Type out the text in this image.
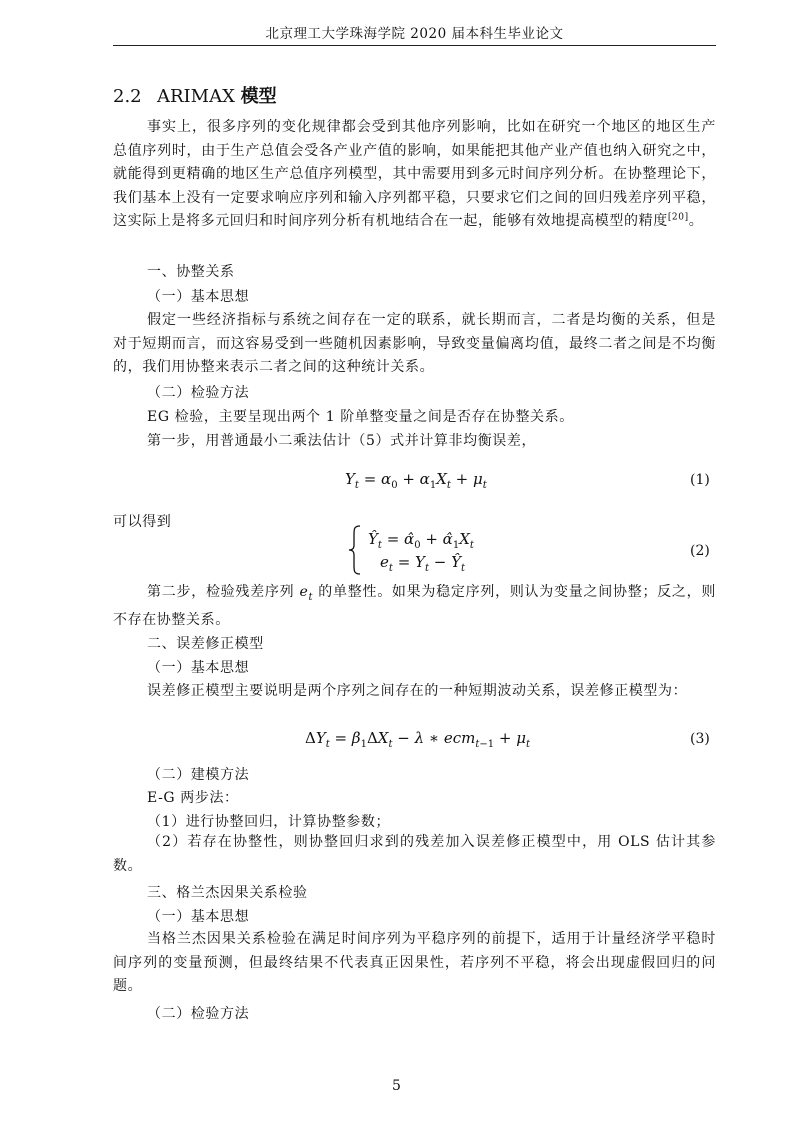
北京理工大学珠海学院 2020 届本科生毕业论文
2.2 ARIMAX 模型
事实上，很多序列的变化规律都会受到其他序列影响，比如在研究一个地区的地区生产总值序列时，由于生产总值会受各产业产值的影响，如果能把其他产业产值也纳入研究之中，就能得到更精确的地区生产总值序列模型，其中需要用到多元时间序列分析。在协整理论下，我们基本上没有一定要求响应序列和输入序列都平稳，只要求它们之间的回归残差序列平稳，这实际上是将多元回归和时间序列分析有机地结合在一起，能够有效地提高模型的精度[20]。
一、协整关系
（一）基本思想
假定一些经济指标与系统之间存在一定的联系，就长期而言，二者是均衡的关系，但是对于短期而言，而这容易受到一些随机因素影响，导致变量偏离均值，最终二者之间是不均衡的，我们用协整来表示二者之间的这种统计关系。
（二）检验方法
EG 检验，主要呈现出两个 1 阶单整变量之间是否存在协整关系。
第一步，用普通最小二乘法估计（5）式并计算非均衡误差，
$Y_t = \alpha_0 + \alpha_1X_t + \mu_t$	(1)
可以得到
$Ŷ_t$ = $\alphâ_0$ + $\alphâ_1X_t$
$e_t = Y_t$ − $Ŷ_t$
(2)
第二步，检验残差序列 $e_t$ 的单整性。如果为稳定序列，则认为变量之间协整；反之，则不存在协整关系。
二、误差修正模型
（一）基本思想
误差修正模型主要说明是两个序列之间存在的一种短期波动关系，误差修正模型为：
$\Delta Y_t = \beta_1\Delta X_t - \lambda$ ∗ $ecm_{t-1} + \mu_t$	(3)
（二）建模方法
E-G 两步法：
（1）进行协整回归，计算协整参数；
（2）若存在协整性，则协整回归求到的残差加入误差修正模型中，用 OLS 估计其参数。
三、格兰杰因果关系检验
（一）基本思想
当格兰杰因果关系检验在满足时间序列为平稳序列的前提下，适用于计量经济学平稳时间序列的变量预测，但最终结果不代表真正因果性，若序列不平稳，将会出现虚假回归的问题。
（二）检验方法
5
